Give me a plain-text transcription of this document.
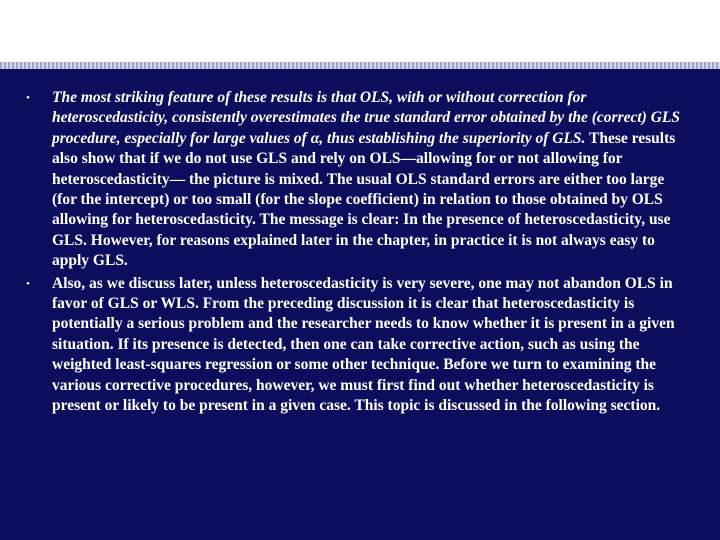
• The most striking feature of these results is that OLS, with or without correction for heteroscedasticity, consistently overestimates the true standard error obtained by the (correct) GLS procedure, especially for large values of α, thus establishing the superiority of GLS. These results also show that if we do not use GLS and rely on OLS—allowing for or not allowing for heteroscedasticity— the picture is mixed. The usual OLS standard errors are either too large (for the intercept) or too small (for the slope coefficient) in relation to those obtained by OLS allowing for heteroscedasticity. The message is clear: In the presence of heteroscedasticity, use GLS. However, for reasons explained later in the chapter, in practice it is not always easy to apply GLS.
• Also, as we discuss later, unless heteroscedasticity is very severe, one may not abandon OLS in favor of GLS or WLS. From the preceding discussion it is clear that heteroscedasticity is potentially a serious problem and the researcher needs to know whether it is present in a given situation. If its presence is detected, then one can take corrective action, such as using the weighted least-squares regression or some other technique. Before we turn to examining the various corrective procedures, however, we must first find out whether heteroscedasticity is present or likely to be present in a given case. This topic is discussed in the following section.
